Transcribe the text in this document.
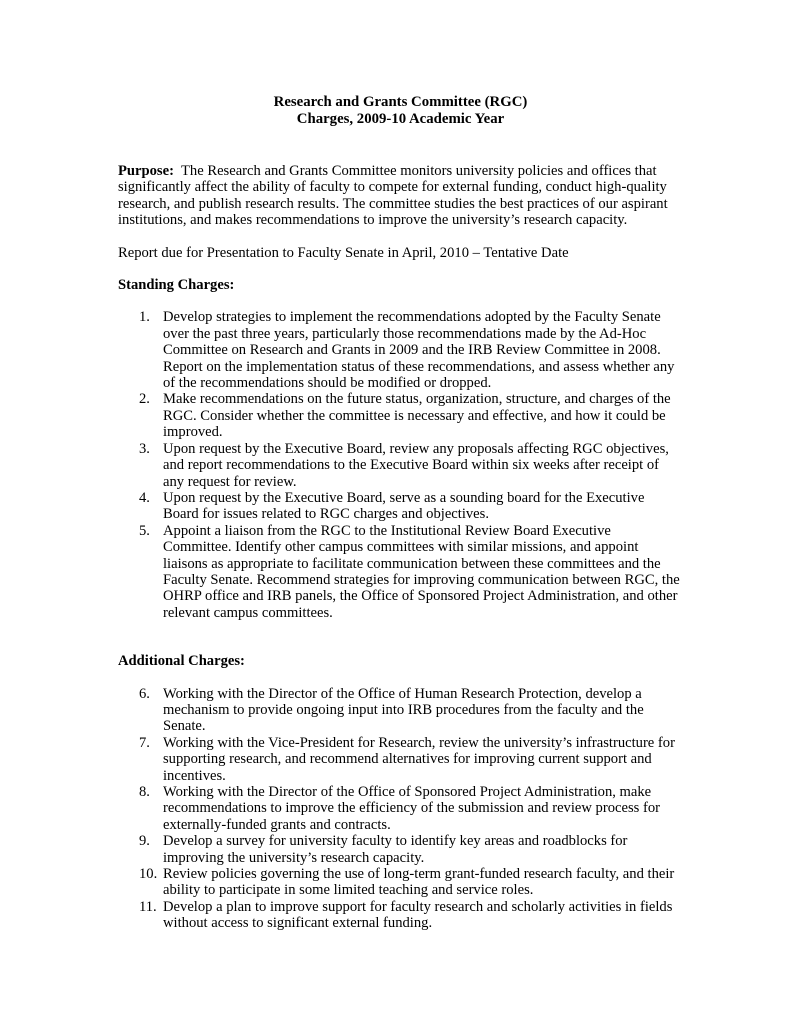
Research and Grants Committee (RGC)
Charges, 2009-10 Academic Year

Purpose: The Research and Grants Committee monitors university policies and offices that significantly affect the ability of faculty to compete for external funding, conduct high-quality research, and publish research results. The committee studies the best practices of our aspirant institutions, and makes recommendations to improve the university’s research capacity.

Report due for Presentation to Faculty Senate in April, 2010 – Tentative Date

Standing Charges:

1. Develop strategies to implement the recommendations adopted by the Faculty Senate over the past three years, particularly those recommendations made by the Ad-Hoc Committee on Research and Grants in 2009 and the IRB Review Committee in 2008. Report on the implementation status of these recommendations, and assess whether any of the recommendations should be modified or dropped.
2. Make recommendations on the future status, organization, structure, and charges of the RGC. Consider whether the committee is necessary and effective, and how it could be improved.
3. Upon request by the Executive Board, review any proposals affecting RGC objectives, and report recommendations to the Executive Board within six weeks after receipt of any request for review.
4. Upon request by the Executive Board, serve as a sounding board for the Executive Board for issues related to RGC charges and objectives.
5. Appoint a liaison from the RGC to the Institutional Review Board Executive Committee. Identify other campus committees with similar missions, and appoint liaisons as appropriate to facilitate communication between these committees and the Faculty Senate. Recommend strategies for improving communication between RGC, the OHRP office and IRB panels, the Office of Sponsored Project Administration, and other relevant campus committees.

Additional Charges:

6. Working with the Director of the Office of Human Research Protection, develop a mechanism to provide ongoing input into IRB procedures from the faculty and the Senate.
7. Working with the Vice-President for Research, review the university’s infrastructure for supporting research, and recommend alternatives for improving current support and incentives.
8. Working with the Director of the Office of Sponsored Project Administration, make recommendations to improve the efficiency of the submission and review process for externally-funded grants and contracts.
9. Develop a survey for university faculty to identify key areas and roadblocks for improving the university’s research capacity.
10. Review policies governing the use of long-term grant-funded research faculty, and their ability to participate in some limited teaching and service roles.
11. Develop a plan to improve support for faculty research and scholarly activities in fields without access to significant external funding.
